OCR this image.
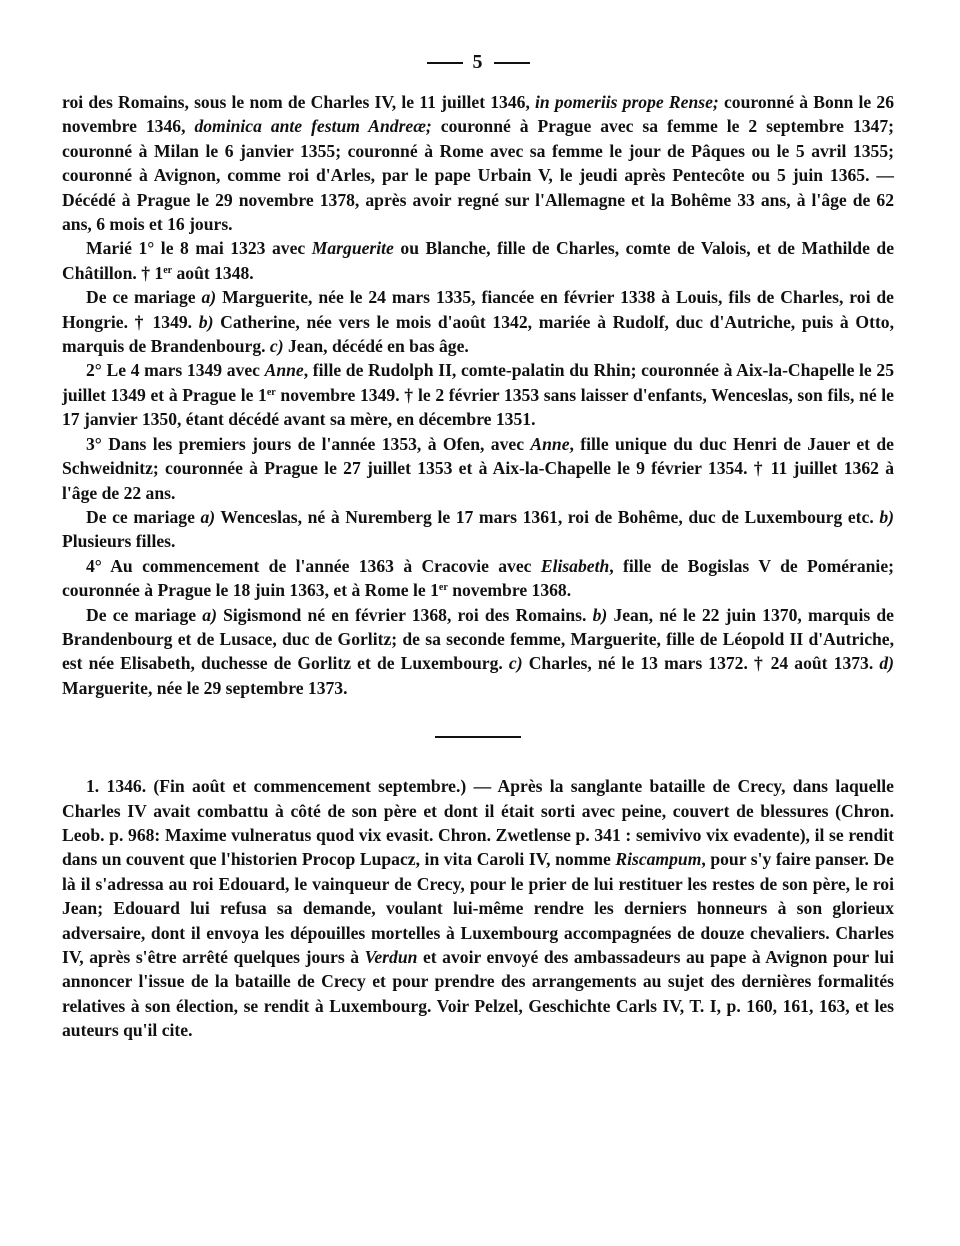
5

roi des Romains, sous le nom de Charles IV, le 11 juillet 1346, in pomeriis prope Rense; couronné à Bonn le 26 novembre 1346, dominica ante festum Andreæ; couronné à Prague avec sa femme le 2 septembre 1347; couronné à Milan le 6 janvier 1355; couronné à Rome avec sa femme le jour de Pâques ou le 5 avril 1355; couronné à Avignon, comme roi d'Arles, par le pape Urbain V, le jeudi après Pentecôte ou 5 juin 1365. — Décédé à Prague le 29 novembre 1378, après avoir regné sur l'Allemagne et la Bohême 33 ans, à l'âge de 62 ans, 6 mois et 16 jours.

Marié 1° le 8 mai 1323 avec Marguerite ou Blanche, fille de Charles, comte de Valois, et de Mathilde de Châtillon. † 1er août 1348.

De ce mariage a) Marguerite, née le 24 mars 1335, fiancée en février 1338 à Louis, fils de Charles, roi de Hongrie. † 1349. b) Catherine, née vers le mois d'août 1342, mariée à Rudolf, duc d'Autriche, puis à Otto, marquis de Brandenbourg. c) Jean, décédé en bas âge.

2° Le 4 mars 1349 avec Anne, fille de Rudolph II, comte-palatin du Rhin; couronnée à Aix-la-Chapelle le 25 juillet 1349 et à Prague le 1er novembre 1349. † le 2 février 1353 sans laisser d'enfants, Wenceslas, son fils, né le 17 janvier 1350, étant décédé avant sa mère, en décembre 1351.

3° Dans les premiers jours de l'année 1353, à Ofen, avec Anne, fille unique du duc Henri de Jauer et de Schweidnitz; couronnée à Prague le 27 juillet 1353 et à Aix-la-Chapelle le 9 février 1354. † 11 juillet 1362 à l'âge de 22 ans.

De ce mariage a) Wenceslas, né à Nuremberg le 17 mars 1361, roi de Bohême, duc de Luxembourg etc. b) Plusieurs filles.

4° Au commencement de l'année 1363 à Cracovie avec Elisabeth, fille de Bogislas V de Poméranie; couronnée à Prague le 18 juin 1363, et à Rome le 1er novembre 1368.

De ce mariage a) Sigismond né en février 1368, roi des Romains. b) Jean, né le 22 juin 1370, marquis de Brandenbourg et de Lusace, duc de Gorlitz; de sa seconde femme, Marguerite, fille de Léopold II d'Autriche, est née Elisabeth, duchesse de Gorlitz et de Luxembourg. c) Charles, né le 13 mars 1372. † 24 août 1373. d) Marguerite, née le 29 septembre 1373.

1. 1346. (Fin août et commencement septembre.) — Après la sanglante bataille de Crecy, dans laquelle Charles IV avait combattu à côté de son père et dont il était sorti avec peine, couvert de blessures (Chron. Leob. p. 968: Maxime vulneratus quod vix evasit. Chron. Zwetlense p. 341 : semivivo vix evadente), il se rendit dans un couvent que l'historien Procop Lupacz, in vita Caroli IV, nomme Riscampum, pour s'y faire panser. De là il s'adressa au roi Edouard, le vainqueur de Crecy, pour le prier de lui restituer les restes de son père, le roi Jean; Edouard lui refusa sa demande, voulant lui-même rendre les derniers honneurs à son glorieux adversaire, dont il envoya les dépouilles mortelles à Luxembourg accompagnées de douze chevaliers. Charles IV, après s'être arrêté quelques jours à Verdun et avoir envoyé des ambassadeurs au pape à Avignon pour lui annoncer l'issue de la bataille de Crecy et pour prendre des arrangements au sujet des dernières formalités relatives à son élection, se rendit à Luxembourg. Voir Pelzel, Geschichte Carls IV, T. I, p. 160, 161, 163, et les auteurs qu'il cite.
